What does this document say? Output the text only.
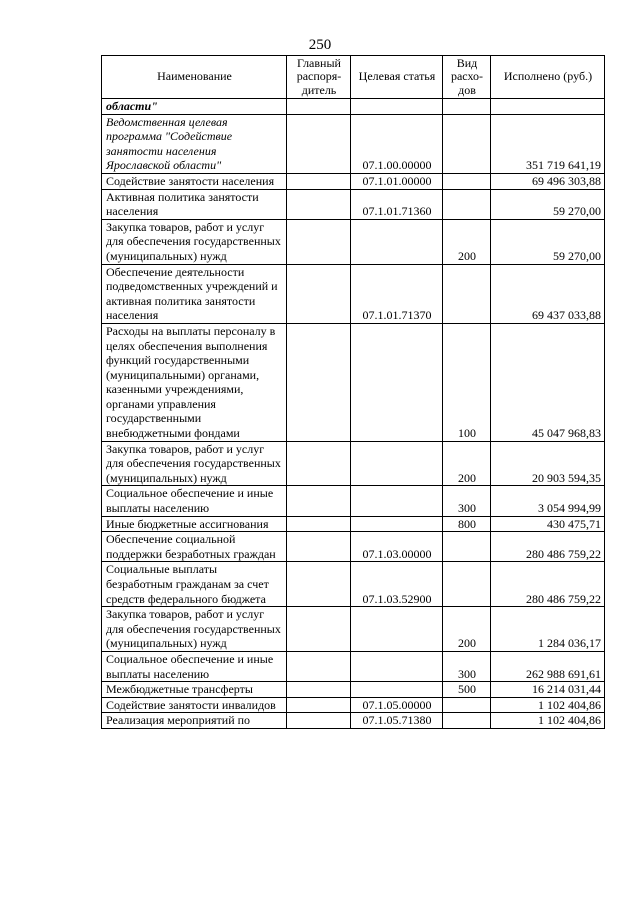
250
Наименование	Главный распоря-дитель	Целевая статья	Вид расхо-дов	Исполнено (руб.)
области"				
Ведомственная целевая программа "Содействие занятости населения Ярославской области"		07.1.00.00000		351 719 641,19
Содействие занятости населения		07.1.01.00000		69 496 303,88
Активная политика занятости населения		07.1.01.71360		59 270,00
Закупка товаров, работ и услуг для обеспечения государственных (муниципальных) нужд			200	59 270,00
Обеспечение деятельности подведомственных учреждений и активная политика занятости населения		07.1.01.71370		69 437 033,88
Расходы на выплаты персоналу в целях обеспечения выполнения функций государственными (муниципальными) органами, казенными учреждениями, органами управления государственными внебюджетными фондами			100	45 047 968,83
Закупка товаров, работ и услуг для обеспечения государственных (муниципальных) нужд			200	20 903 594,35
Социальное обеспечение и иные выплаты населению			300	3 054 994,99
Иные бюджетные ассигнования			800	430 475,71
Обеспечение социальной поддержки безработных граждан		07.1.03.00000		280 486 759,22
Социальные выплаты безработным гражданам за счет средств федерального бюджета		07.1.03.52900		280 486 759,22
Закупка товаров, работ и услуг для обеспечения государственных (муниципальных) нужд			200	1 284 036,17
Социальное обеспечение и иные выплаты населению			300	262 988 691,61
Межбюджетные трансферты			500	16 214 031,44
Содействие занятости инвалидов		07.1.05.00000		1 102 404,86
Реализация мероприятий по		07.1.05.71380		1 102 404,86
